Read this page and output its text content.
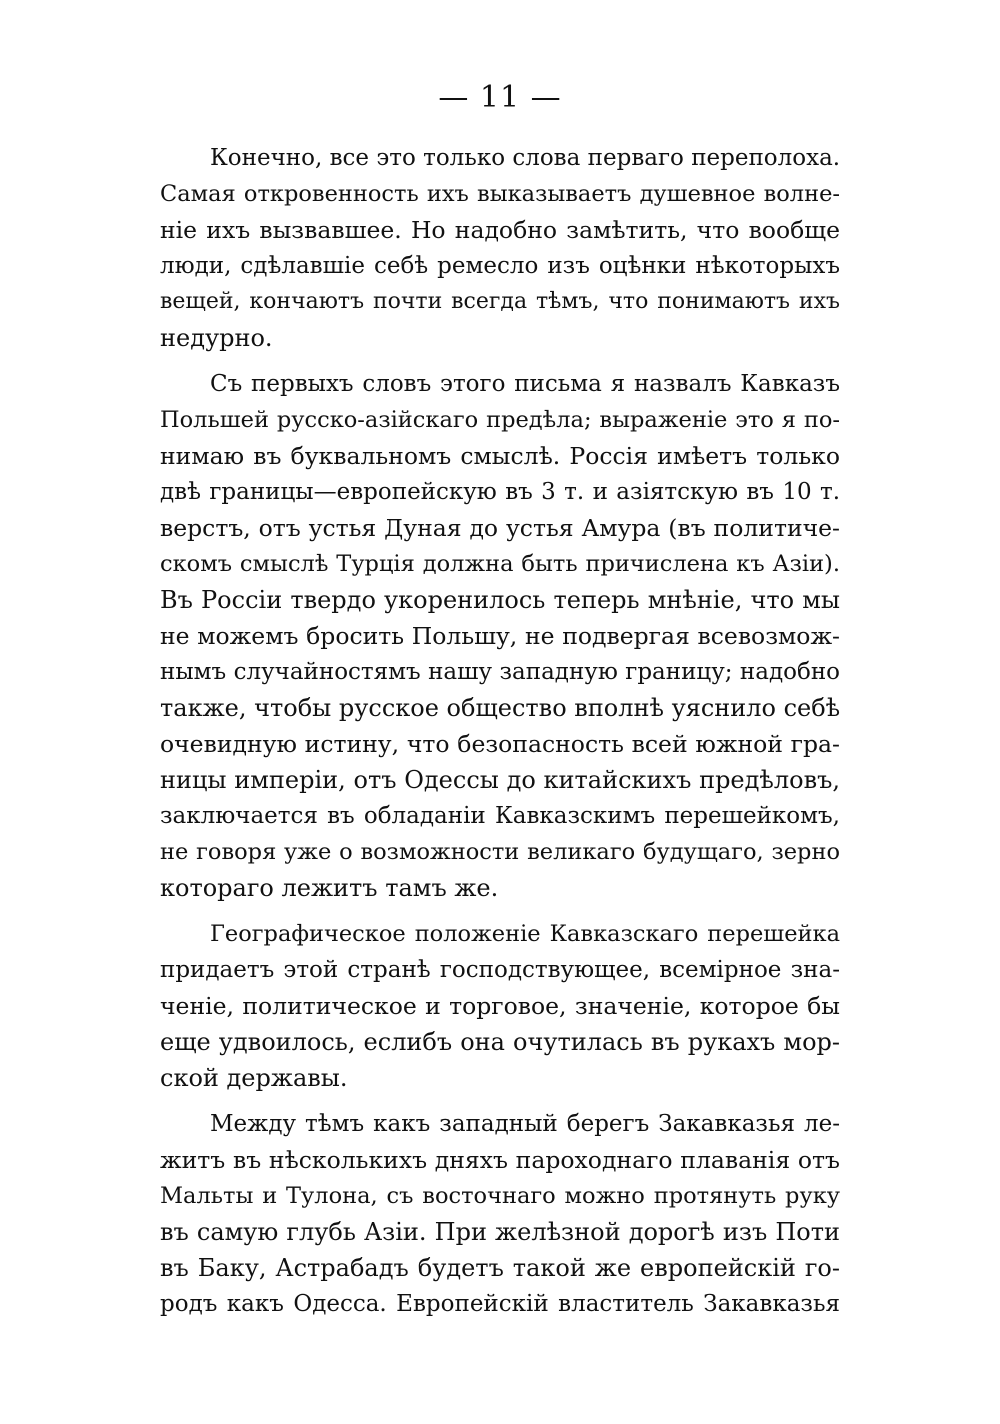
— 11 —
Конечно, все это только слова перваго переполоха.
Самая откровенность ихъ выказываетъ душевное волне-
ніе ихъ вызвавшее. Но надобно замѣтить, что вообще
люди, сдѣлавшіе себѣ ремесло изъ оцѣнки нѣкоторыхъ
вещей, кончаютъ почти всегда тѣмъ, что понимаютъ ихъ
недурно.
Съ первыхъ словъ этого письма я назвалъ Кавказъ
Польшей русско-азійскаго предѣла; выраженіе это я по-
нимаю въ буквальномъ смыслѣ. Россія имѣетъ только
двѣ границы—европейскую въ 3 т. и азіятскую въ 10 т.
верстъ, отъ устья Дуная до устья Амура (въ политиче-
скомъ смыслѣ Турція должна быть причислена къ Азіи).
Въ Россіи твердо укоренилось теперь мнѣніе, что мы
не можемъ бросить Польшу, не подвергая всевозмож-
нымъ случайностямъ нашу западную границу; надобно
также, чтобы русское общество вполнѣ уяснило себѣ
очевидную истину, что безопасность всей южной гра-
ницы имперіи, отъ Одессы до китайскихъ предѣловъ,
заключается въ обладаніи Кавказскимъ перешейкомъ,
не говоря уже о возможности великаго будущаго, зерно
котораго лежитъ тамъ же.
Географическое положеніе Кавказскаго перешейка
придаетъ этой странѣ господствующее, всемірное зна-
ченіе, политическое и торговое, значеніе, которое бы
еще удвоилось, еслибъ она очутилась въ рукахъ мор-
ской державы.
Между тѣмъ какъ западный берегъ Закавказья ле-
житъ въ нѣсколькихъ дняхъ пароходнаго плаванія отъ
Мальты и Тулона, съ восточнаго можно протянуть руку
въ самую глубь Азіи. При желѣзной дорогѣ изъ Поти
въ Баку, Астрабадъ будетъ такой же европейскій го-
родъ какъ Одесса. Европейскій властитель Закавказья
